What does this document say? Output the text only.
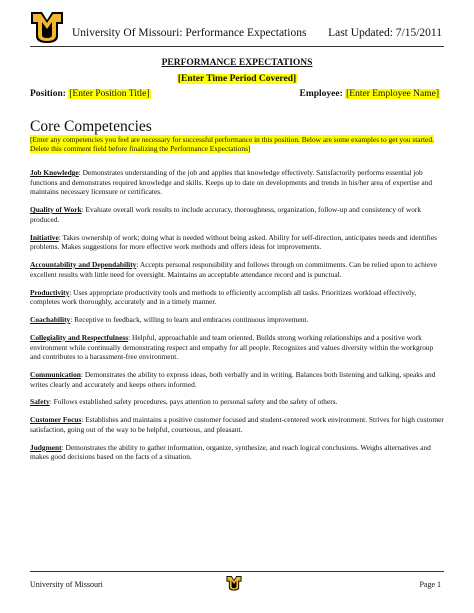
University Of Missouri: Performance Expectations Last Updated: 7/15/2011
PERFORMANCE EXPECTATIONS
[Enter Time Period Covered]
Position: [Enter Position Title]	Employee: [Enter Employee Name]
Core Competencies
[Enter any competencies you feel are necessary for successful performance in this position. Below are some examples to get you started. Delete this comment field before finalizing the Performance Expectations]

Job Knowledge: Demonstrates understanding of the job and applies that knowledge effectively. Satisfactorily performs essential job functions and demonstrates required knowledge and skills. Keeps up to date on developments and trends in his/her area of expertise and maintains necessary licensure or certificates.

Quality of Work: Evaluate overall work results to include accuracy, thoroughness, organization, follow-up and consistency of work produced.

Initiative: Takes ownership of work; doing what is needed without being asked. Ability for self-direction, anticipates needs and identifies problems. Makes suggestions for more effective work methods and offers ideas for improvements.

Accountability and Dependability: Accepts personal responsibility and follows through on commitments. Can be relied upon to achieve excellent results with little need for oversight. Maintains an acceptable attendance record and is punctual.

Productivity: Uses appropriate productivity tools and methods to efficiently accomplish all tasks. Prioritizes workload effectively, completes work thoroughly, accurately and in a timely manner.

Coachability: Receptive to feedback, willing to learn and embraces continuous improvement.

Collegiality and Respectfulness: Helpful, approachable and team oriented. Builds strong working relationships and a positive work environment while continually demonstrating respect and empathy for all people. Recognizes and values diversity within the workgroup and contributes to a harassment-free environment.

Communication: Demonstrates the ability to express ideas, both verbally and in writing. Balances both listening and talking, speaks and writes clearly and accurately and keeps others informed.

Safety: Follows established safety procedures, pays attention to personal safety and the safety of others.

Customer Focus: Establishes and maintains a positive customer focused and student-centered work environment. Strives for high customer satisfaction, going out of the way to be helpful, courteous, and pleasant.

Judgment: Demonstrates the ability to gather information, organize, synthesize, and reach logical conclusions. Weighs alternatives and makes good decisions based on the facts of a situation.

University of Missouri	Page 1
